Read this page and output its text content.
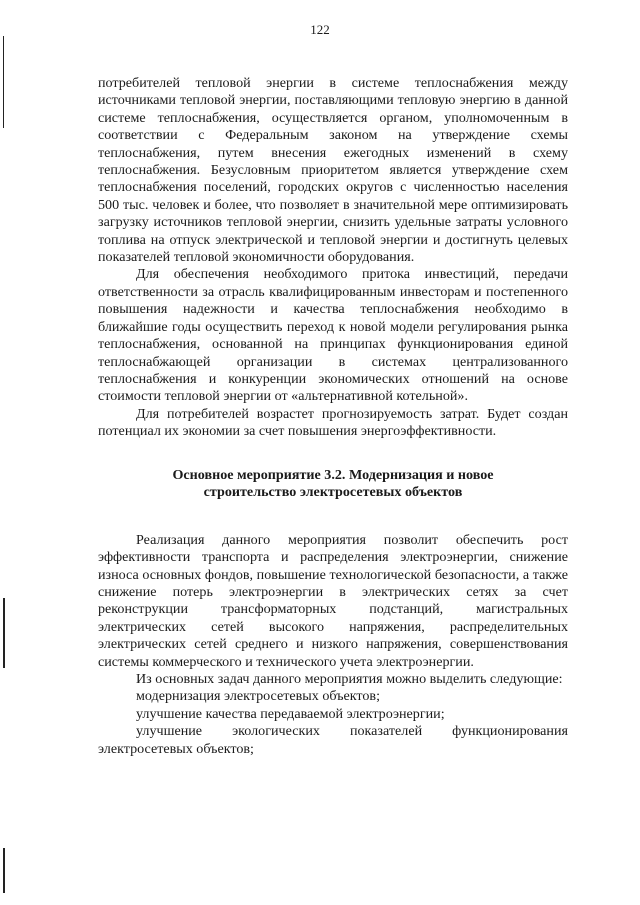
122

потребителей тепловой энергии в системе теплоснабжения между источниками тепловой энергии, поставляющими тепловую энергию в данной системе теплоснабжения, осуществляется органом, уполномоченным в соответствии с Федеральным законом на утверждение схемы теплоснабжения, путем внесения ежегодных изменений в схему теплоснабжения. Безусловным приоритетом является утверждение схем теплоснабжения поселений, городских округов с численностью населения 500 тыс. человек и более, что позволяет в значительной мере оптимизировать загрузку источников тепловой энергии, снизить удельные затраты условного топлива на отпуск электрической и тепловой энергии и достигнуть целевых показателей тепловой экономичности оборудования.

Для обеспечения необходимого притока инвестиций, передачи ответственности за отрасль квалифицированным инвесторам и постепенного повышения надежности и качества теплоснабжения необходимо в ближайшие годы осуществить переход к новой модели регулирования рынка теплоснабжения, основанной на принципах функционирования единой теплоснабжающей организации в системах централизованного теплоснабжения и конкуренции экономических отношений на основе стоимости тепловой энергии от «альтернативной котельной».

Для потребителей возрастет прогнозируемость затрат. Будет создан потенциал их экономии за счет повышения энергоэффективности.

Основное мероприятие 3.2. Модернизация и новое
строительство электросетевых объектов

Реализация данного мероприятия позволит обеспечить рост эффективности транспорта и распределения электроэнергии, снижение износа основных фондов, повышение технологической безопасности, а также снижение потерь электроэнергии в электрических сетях за счет реконструкции трансформаторных подстанций, магистральных электрических сетей высокого напряжения, распределительных электрических сетей среднего и низкого напряжения, совершенствования системы коммерческого и технического учета электроэнергии.

Из основных задач данного мероприятия можно выделить следующие:

модернизация электросетевых объектов;

улучшение качества передаваемой электроэнергии;

улучшение экологических показателей функционирования электросетевых объектов;
